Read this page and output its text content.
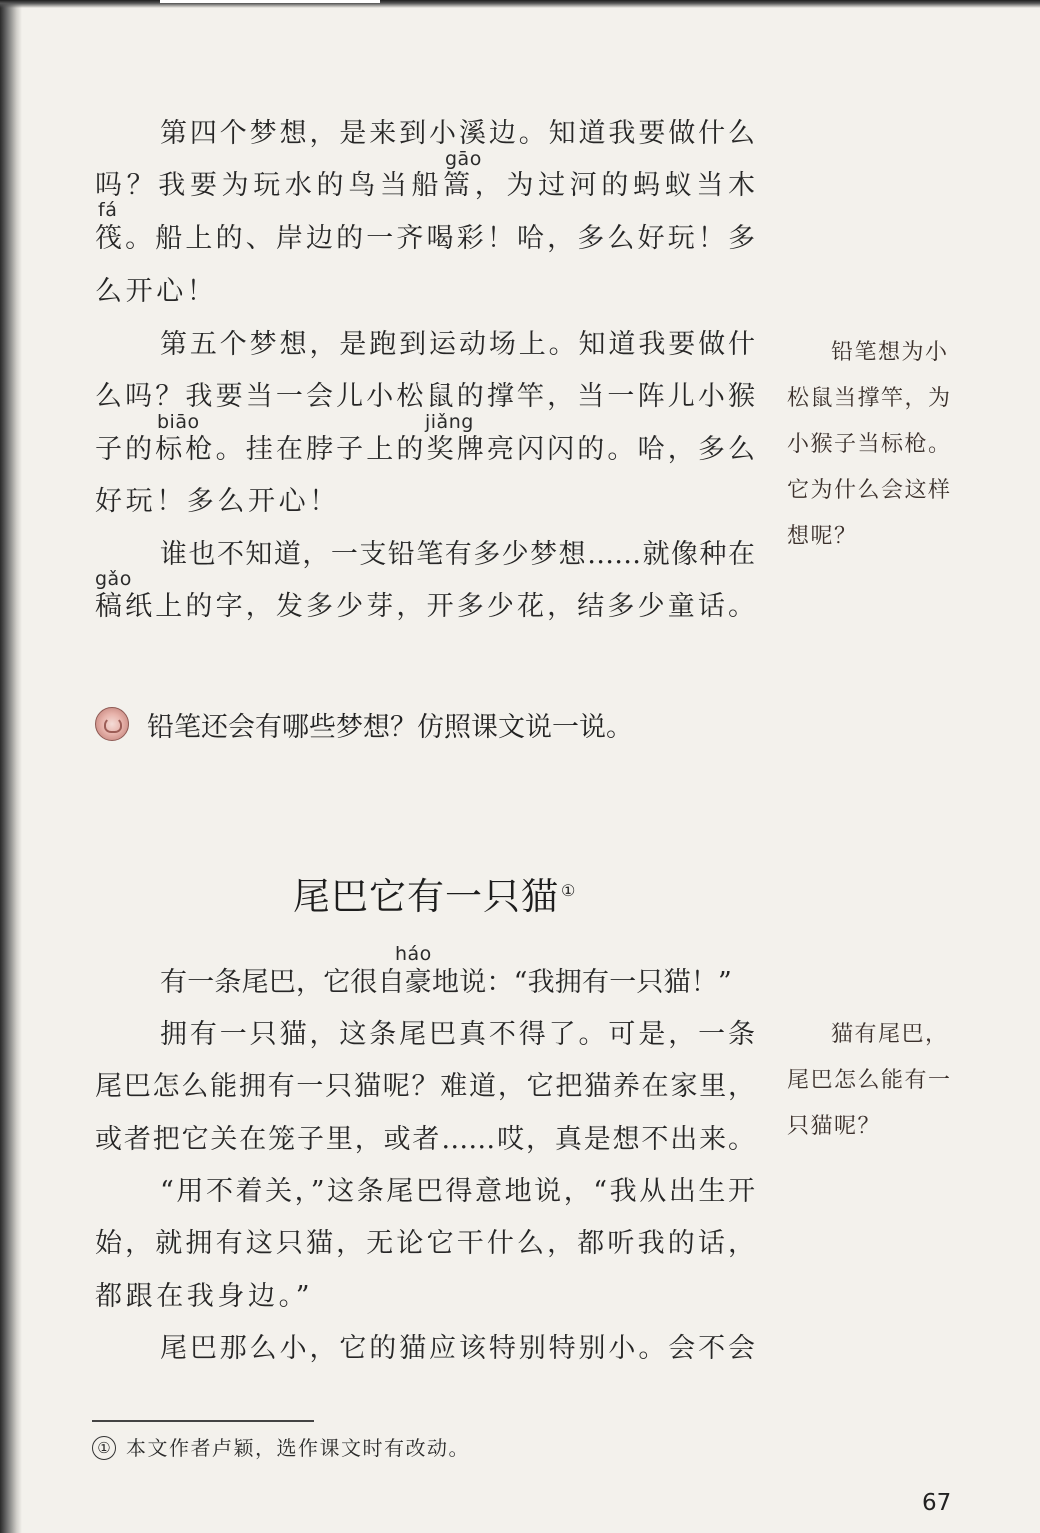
第四个梦想，是来到小溪边。知道我要做什么
gāo
吗？我要为玩水的鸟当船篙，为过河的蚂蚁当木
fá
筏。船上的、岸边的一齐喝彩！哈，多么好玩！多
么开心！
第五个梦想，是跑到运动场上。知道我要做什
么吗？我要当一会儿小松鼠的撑竿，当一阵儿小猴
biāo	jiǎng
子的标枪。挂在脖子上的奖牌亮闪闪的。哈，多么
好玩！多么开心！
谁也不知道，一支铅笔有多少梦想……就像种在
gǎo
稿纸上的字，发多少芽，开多少花，结多少童话。
铅笔想为小
松鼠当撑竿，为
小猴子当标枪。
它为什么会这样
想呢？
铅笔还会有哪些梦想？仿照课文说一说。
尾巴它有一只猫 ①
háo
有一条尾巴，它很自豪地说：“我拥有一只猫！”
拥有一只猫，这条尾巴真不得了。可是，一条
尾巴怎么能拥有一只猫呢？难道，它把猫养在家里，
或者把它关在笼子里，或者……哎，真是想不出来。
“用不着关，”这条尾巴得意地说，“我从出生开
始，就拥有这只猫，无论它干什么，都听我的话，
都跟在我身边。”
尾巴那么小，它的猫应该特别特别小。会不会
猫有尾巴，
尾巴怎么能有一
只猫呢？
① 本文作者卢颖，选作课文时有改动。
67
